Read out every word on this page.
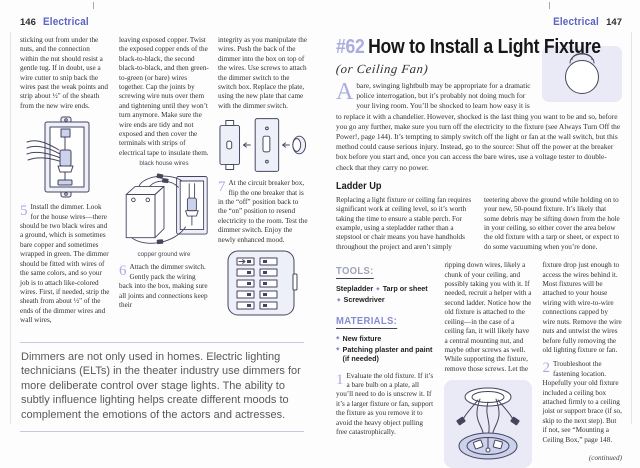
146 Electrical

sticking out from under the nuts, and the connection within the nut should resist a gentle tug. If in doubt, use a wire cutter to snip back the wires past the weak points and strip about ½" of the sheath from the new wire ends.

5 Install the dimmer. Look for the house wires—there should be two black wires and a ground, which is sometimes bare copper and sometimes wrapped in green. The dimmer should be fitted with wires of the same colors, and so your job is to attach like-colored wires. First, if needed, strip the sheath from about ½" of the ends of the dimmer wires and wall wires,

leaving exposed copper. Twist the exposed copper ends of the black-to-black, the second black-to-black, and then green-to-green (or bare) wires together. Cap the joints by screwing wire nuts over them and tightening until they won’t turn anymore. Make sure the wire ends are tidy and not exposed and then cover the terminals with strips of electrical tape to insulate them.

black house wires
copper ground wire
6 Attach the dimmer switch. Gently pack the wiring back into the box, making sure all joints and connections keep their

integrity as you manipulate the wires. Push the back of the dimmer into the box on top of the wires. Use screws to attach the dimmer switch to the switch box. Replace the plate, using the new plate that came with the dimmer switch.

7 At the circuit breaker box, flip the one breaker that is in the “off” position back to the “on” position to resend electricity to the room. Test the dimmer switch. Enjoy the newly enhanced mood.

Dimmers are not only used in homes. Electric lighting technicians (ELTs) in the theater industry use dimmers for more deliberate control over stage lights. The ability to subtly influence lighting helps create different moods to complement the emotions of the actors and actresses.
Electrical 147
#62 How to Install a Light Fixture
(or Ceiling Fan)

Abare, swinging lightbulb may be appropriate for a dramatic police interrogation, but it’s probably not doing much for your living room. You’ll be shocked to learn how easy it is to replace it with a chandelier. However, shocked is the last thing you want to be and so, before you go any further, make sure you turn off the electricity to the fixture (see Always Turn Off the Power!, page 144). It’s tempting to simply switch off the light or fan at the wall switch, but this method could cause serious injury. Instead, go to the source: Shut off the power at the breaker box before you start and, once you can access the bare wires, use a voltage tester to double-check that they carry no power.

Ladder Up

Replacing a light fixture or ceiling fan requires significant work at ceiling level, so it’s worth taking the time to ensure a stable perch. For example, using a stepladder rather than a stepstool or chair means you have handholds throughout the project and aren’t simply

teetering above the ground while holding on to your new, 50-pound fixture. It’s likely that some debris may be sifting down from the hole in your ceiling, so either cover the area below the old fixture with a tarp or sheet, or expect to do some vacuuming when you’re done.

TOOLS:

Stepladder ◆ Tarp or sheet ◆ Screwdriver

MATERIALS:
◆ New fixture
◆ Patching plaster and paint (if needed)
1 Evaluate the old fixture. If it’s a bare bulb on a plate, all you’ll need to do is unscrew it. If it’s a larger fixture or fan, support the fixture as you remove it to avoid the heavy object pulling free catastrophically.

ripping down wires, likely a chunk of your ceiling, and possibly taking you with it. If needed, recruit a helper with a second ladder. Notice how the old fixture is attached to the ceiling—in the case of a ceiling fan, it will likely have a central mounting nut, and maybe other screws as well. While supporting the fixture, remove those screws. Let the

fixture drop just enough to access the wires behind it. Most fixtures will be attached to your house wiring with wire-to-wire connections capped by wire nuts. Remove the wire nuts and untwist the wires before fully removing the old lighting fixture or fan.

2 Troubleshoot the fastening location. Hopefully your old fixture included a ceiling box attached firmly to a ceiling joist or support brace (if so, skip to the next step). But if not, see “Mounting a Ceiling Box,” page 148.

(continued)
